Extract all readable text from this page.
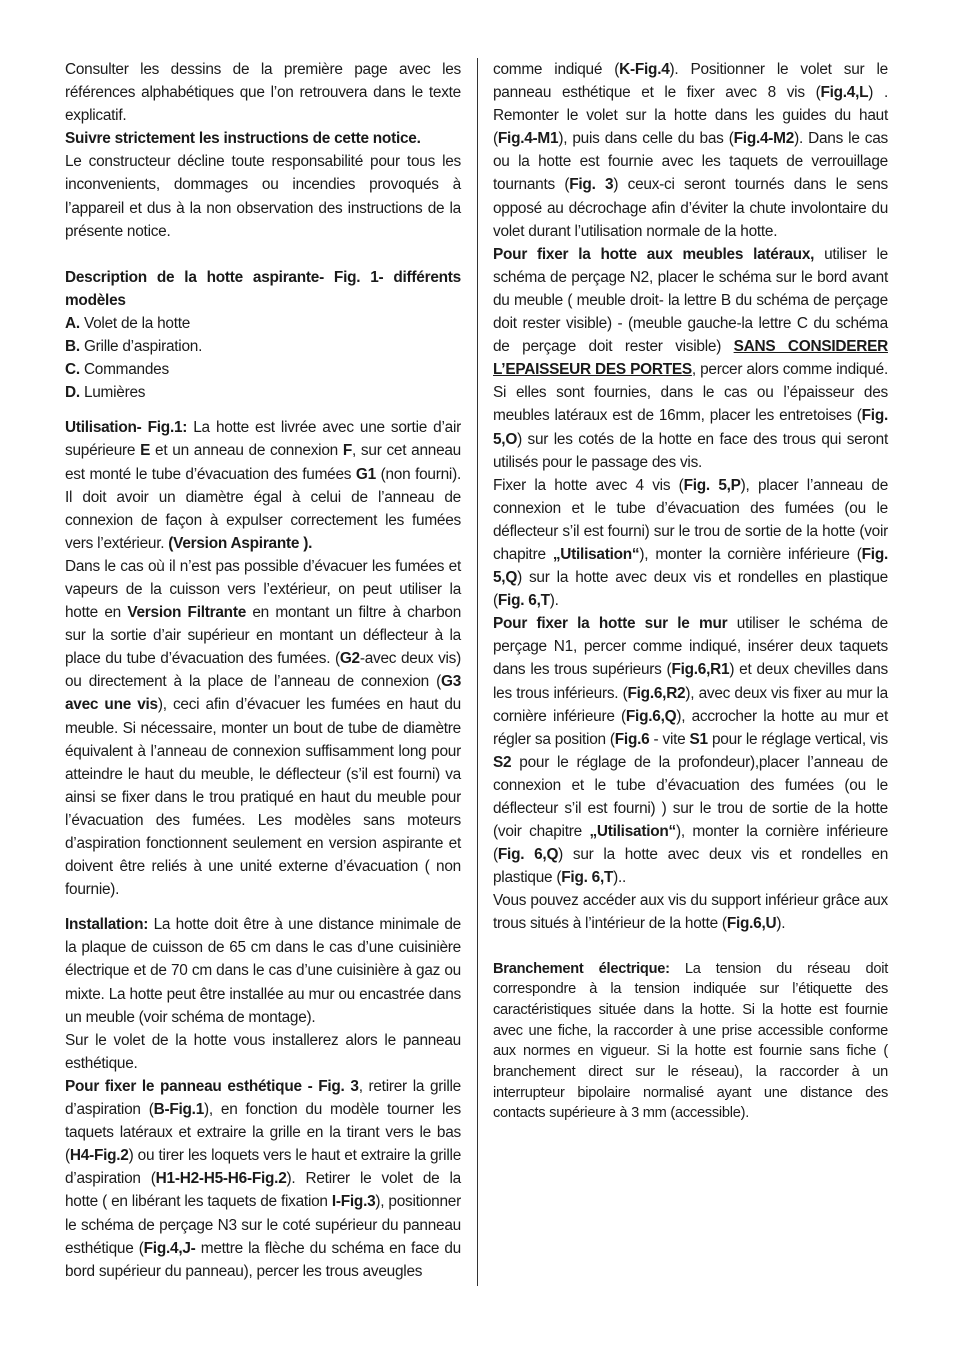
Consulter les dessins de la première page avec les références alphabétiques que l’on retrouvera dans le texte explicatif.

Suivre strictement les instructions de cette notice.

Le constructeur décline toute responsabilité pour tous les inconvenients, dommages ou incendies provoqués à l’appareil et dus à la non observation des instructions de la présente notice.

Description de la hotte aspirante- Fig. 1- différents modèles

A. Volet de la hotte

B. Grille d’aspiration.

C. Commandes

D. Lumières

Utilisation- Fig.1: La hotte est livrée avec une sortie d’air supérieure E et un anneau de connexion F, sur cet anneau est monté le tube d’évacuation des fumées G1 (non fourni). Il doit avoir un diamètre égal à celui de l’anneau de connexion de façon à expulser correctement les fumées vers l’extérieur. (Version Aspirante ).

Dans le cas où il n’est pas possible d’évacuer les fumées et vapeurs de la cuisson vers l’extérieur, on peut utiliser la hotte en Version Filtrante en montant un filtre à charbon sur la sortie d’air supérieur en montant un déflecteur à la place du tube d’évacuation des fumées. (G2-avec deux vis) ou directement à la place de l’anneau de connexion (G3 avec une vis), ceci afin d’évacuer les fumées en haut du meuble. Si nécessaire, monter un bout de tube de diamètre équivalent à l’anneau de connexion suffisamment long pour atteindre le haut du meuble, le déflecteur (s’il est fourni) va ainsi se fixer dans le trou pratiqué en haut du meuble pour l’évacuation des fumées. Les modèles sans moteurs d’aspiration fonctionnent seulement en version aspirante et doivent être reliés à une unité externe d’évacuation ( non fournie).

Installation: La hotte doit être à une distance minimale de la plaque de cuisson de 65 cm dans le cas d’une cuisinière électrique et de 70 cm dans le cas d’une cuisinière à gaz ou mixte. La hotte peut être installée au mur ou encastrée dans un meuble (voir schéma de montage).

Sur le volet de la hotte vous installerez alors le panneau esthétique.

Pour fixer le panneau esthétique - Fig. 3, retirer la grille d’aspiration (B-Fig.1), en fonction du modèle tourner les taquets latéraux et extraire la grille en la tirant vers le bas (H4-Fig.2) ou tirer les loquets vers le haut et extraire la grille d’aspiration (H1-H2-H5-H6-Fig.2). Retirer le volet de la hotte ( en libérant les taquets de fixation I-Fig.3), positionner le schéma de perçage N3 sur le coté supérieur du panneau esthétique (Fig.4,J- mettre la flèche du schéma en face du bord supérieur du panneau), percer les trous aveugles

comme indiqué (K-Fig.4). Positionner le volet sur le panneau esthétique et le fixer avec 8 vis (Fig.4,L) . Remonter le volet sur la hotte dans les guides du haut (Fig.4-M1), puis dans celle du bas (Fig.4-M2). Dans le cas ou la hotte est fournie avec les taquets de verrouillage tournants (Fig. 3) ceux-ci seront tournés dans le sens opposé au décrochage afin d’éviter la chute involontaire du volet durant l’utilisation normale de la hotte.

Pour fixer la hotte aux meubles latéraux, utiliser le schéma de perçage N2, placer le schéma sur le bord avant du meuble ( meuble droit- la lettre B du schéma de perçage doit rester visible) - (meuble gauche-la lettre C du schéma de perçage doit rester visible) SANS CONSIDERER L’EPAISSEUR DES PORTES, percer alors comme indiqué. Si elles sont fournies, dans le cas ou l’épaisseur des meubles latéraux est de 16mm, placer les entretoises (Fig. 5,O) sur les cotés de la hotte en face des trous qui seront utilisés pour le passage des vis.

Fixer la hotte avec 4 vis (Fig. 5,P), placer l’anneau de connexion et le tube d’évacuation des fumées (ou le déflecteur s’il est fourni) sur le trou de sortie de la hotte (voir chapitre „Utilisation“), monter la cornière inférieure (Fig. 5,Q) sur la hotte avec deux vis et rondelles en plastique (Fig. 6,T).

Pour fixer la hotte sur le mur utiliser le schéma de perçage N1, percer comme indiqué, insérer deux taquets dans les trous supérieurs (Fig.6,R1) et deux chevilles dans les trous inférieurs. (Fig.6,R2), avec deux vis fixer au mur la cornière inférieure (Fig.6,Q), accrocher la hotte au mur et régler sa position (Fig.6 - vite S1 pour le réglage vertical, vis S2 pour le réglage de la profondeur),placer l’anneau de connexion et le tube d’évacuation des fumées (ou le déflecteur s’il est fourni) ) sur le trou de sortie de la hotte (voir chapitre „Utilisation“), monter la cornière inférieure (Fig. 6,Q) sur la hotte avec deux vis et rondelles en plastique (Fig. 6,T)..

Vous pouvez accéder aux vis du support inférieur grâce aux trous situés à l’intérieur de la hotte (Fig.6,U).

Branchement électrique: La tension du réseau doit correspondre à la tension indiquée sur l’étiquette des caractéristiques située dans la hotte. Si la hotte est fournie avec une fiche, la raccorder à une prise accessible conforme aux normes en vigueur. Si la hotte est fournie sans fiche ( branchement direct sur le réseau), la raccorder à un interrupteur bipolaire normalisé ayant une distance des contacts supérieure à 3 mm (accessible).
